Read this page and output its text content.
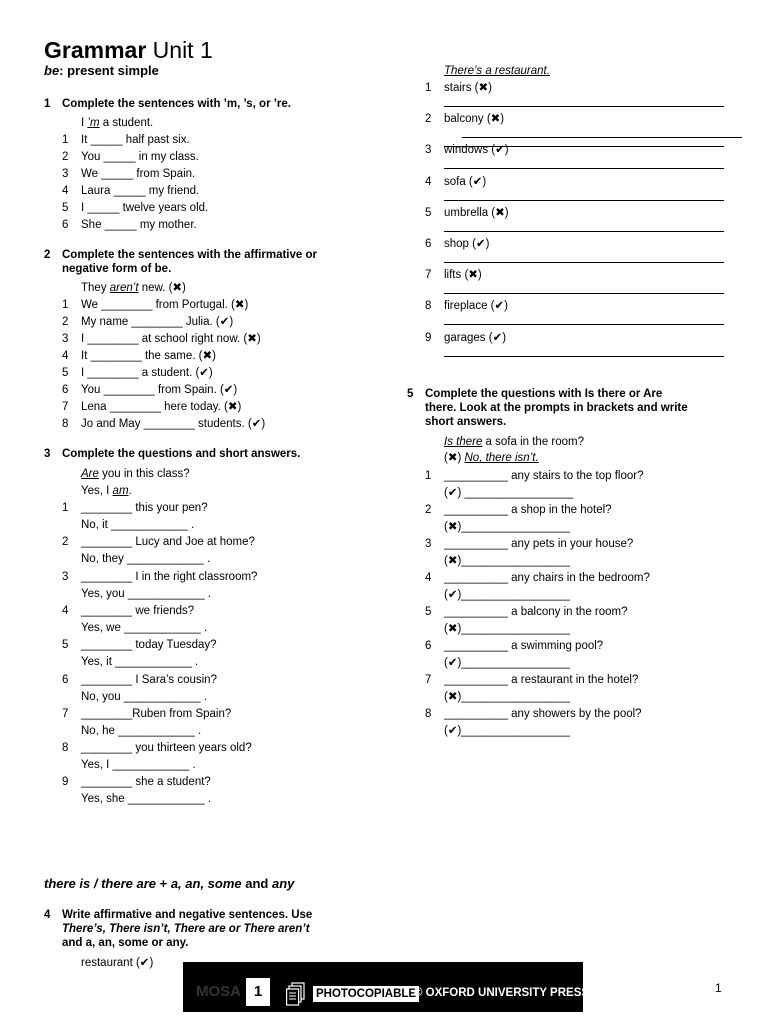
Grammar Unit 1
be: present simple
1 Complete the sentences with ’m, ’s, or ’re.
I ’m a student.
1 It _____ half past six.
2 You _____ in my class.
3 We _____ from Spain.
4 Laura _____ my friend.
5 I _____ twelve years old.
6 She _____ my mother.
2 Complete the sentences with the affirmative or
negative form of be.
They aren’t new. (✖)
1 We ________ from Portugal. (✖)
2 My name ________ Julia. (✔)
3 I ________ at school right now. (✖)
4 It ________ the same. (✖)
5 I ________ a student. (✔)
6 You ________ from Spain. (✔)
7 Lena ________ here today. (✖)
8 Jo and May ________ students. (✔)
3 Complete the questions and short answers.
Are you in this class?
Yes, I am.
1 ________ this your pen?
No, it ____________ .
2 ________ Lucy and Joe at home?
No, they ____________ .
3 ________ I in the right classroom?
Yes, you ____________ .
4 ________ we friends?
Yes, we ____________ .
5 ________ today Tuesday?
Yes, it ____________ .
6 ________ I Sara’s cousin?
No, you ____________ .
7 ________Ruben from Spain?
No, he ____________ .
8 ________ you thirteen years old?
Yes, I ____________ .
9 ________ she a student?
Yes, she ____________ .
there is / there are + a, an, some and any
4 Write affirmative and negative sentences. Use
There’s, There isn’t, There are or There aren’t
and a, an, some or any.
restaurant (✔)
There’s a restaurant.
1 stairs (✖)
2 balcony (✖)
3 windows (✔)
4 sofa (✔)
5 umbrella (✖)
6 shop (✔)
7 lifts (✖)
8 fireplace (✔)
9 garages (✔)
5 Complete the questions with Is there or Are
there. Look at the prompts in brackets and write
short answers.
Is there a sofa in the room?
(✖) No, there isn’t.
1 __________ any stairs to the top floor?
(✔) _________________
2 __________ a shop in the hotel?
(✖)_________________
3 __________ any pets in your house?
(✖)_________________
4 __________ any chairs in the bedroom?
(✔)_________________
5 __________ a balcony in the room?
(✖)_________________
6 __________ a swimming pool?
(✔)_________________
7 __________ a restaurant in the hotel?
(✖)_________________
8 __________ any showers by the pool?
(✔)_________________
MOSA 1	PHOTOCOPIABLE
© OXFORD UNIVERSITY PRESS	1
